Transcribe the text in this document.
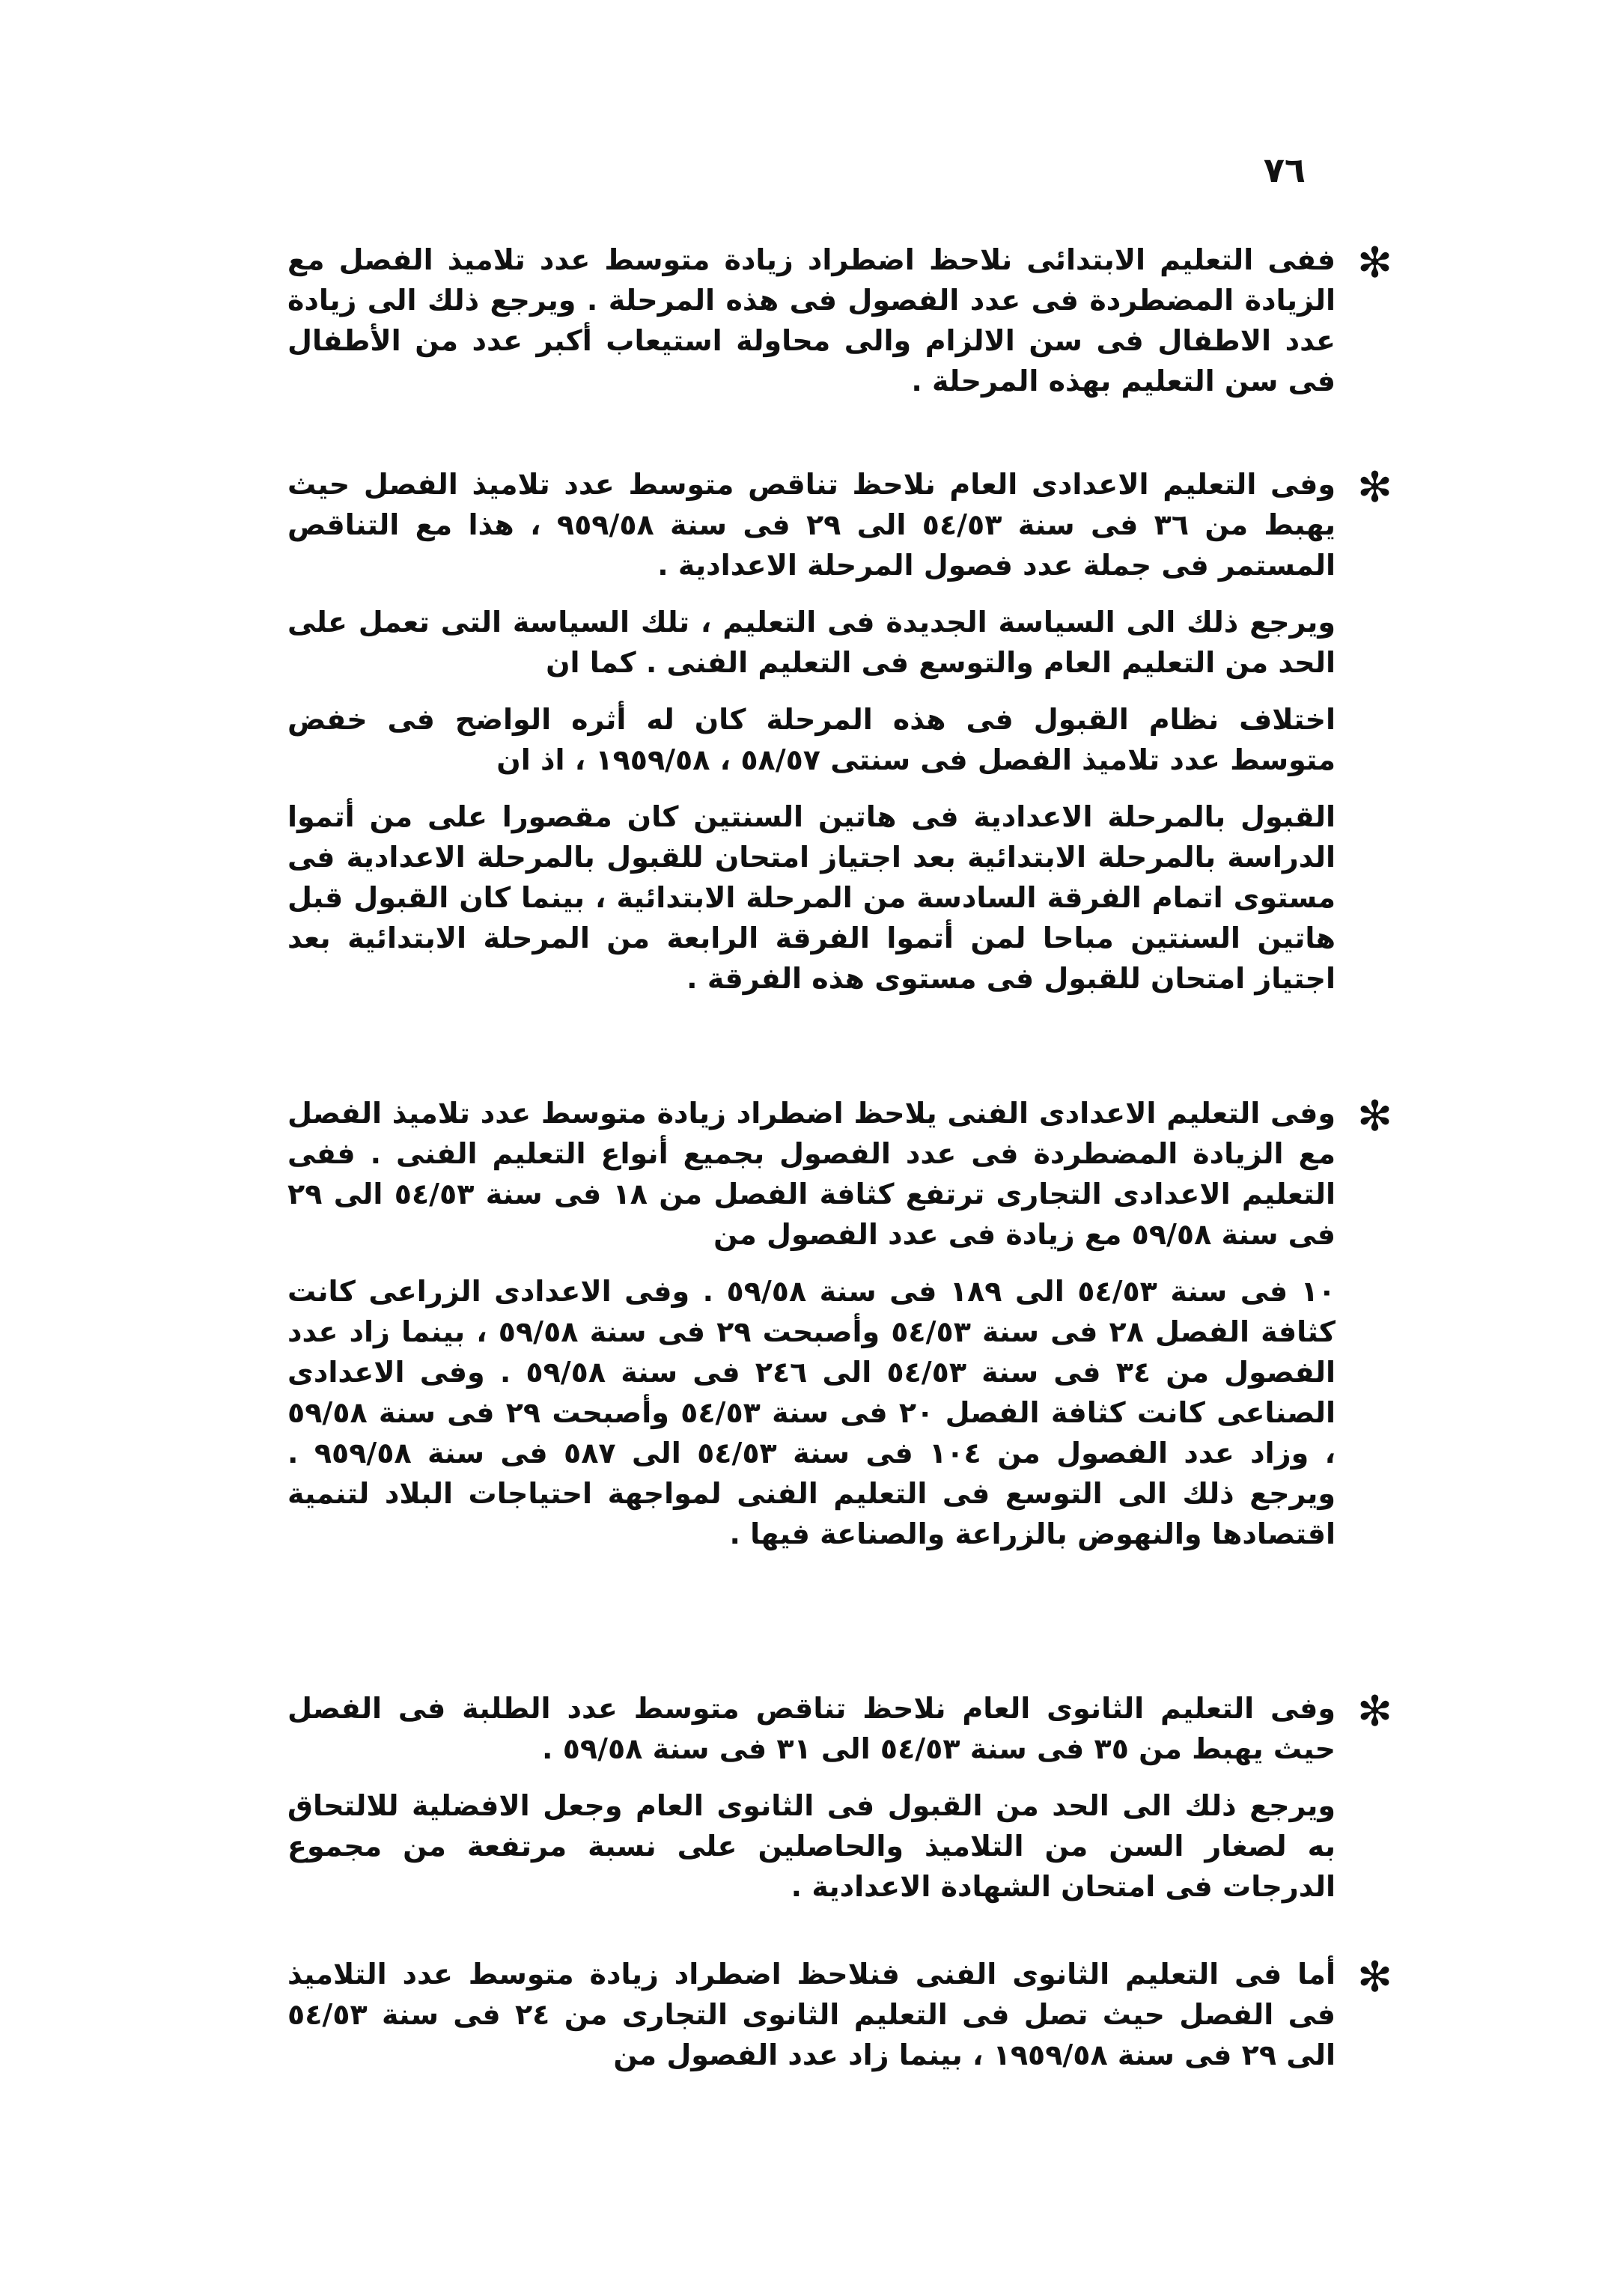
٧٦
✻

ففى التعليم الابتدائى نلاحظ اضطراد زيادة متوسط عدد تلاميذ الفصل مع الزيادة المضطردة فى عدد الفصول فى هذه المرحلة . ويرجع ذلك الى زيادة عدد الاطفال فى سن الالزام والى محاولة استيعاب أكبر عدد من الأطفال فى سن التعليم بهذه المرحلة .

✻

وفى التعليم الاعدادى العام نلاحظ تناقص متوسط عدد تلاميذ الفصل حيث يهبط من ٣٦ فى سنة ٥٤/٥٣ الى ٢٩ فى سنة ٩٥٩/٥٨ ، هذا مع التناقص المستمر فى جملة عدد فصول المرحلة الاعدادية .

ويرجع ذلك الى السياسة الجديدة فى التعليم ، تلك السياسة التى تعمل على الحد من التعليم العام والتوسع فى التعليم الفنى . كما ان

اختلاف نظام القبول فى هذه المرحلة كان له أثره الواضح فى خفض متوسط عدد تلاميذ الفصل فى سنتى ٥٨/٥٧ ، ١٩٥٩/٥٨ ، اذ ان

القبول بالمرحلة الاعدادية فى هاتين السنتين كان مقصورا على من أتموا الدراسة بالمرحلة الابتدائية بعد اجتياز امتحان للقبول بالمرحلة الاعدادية فى مستوى اتمام الفرقة السادسة من المرحلة الابتدائية ، بينما كان القبول قبل هاتين السنتين مباحا لمن أتموا الفرقة الرابعة من المرحلة الابتدائية بعد اجتياز امتحان للقبول فى مستوى هذه الفرقة .

✻

وفى التعليم الاعدادى الفنى يلاحظ اضطراد زيادة متوسط عدد تلاميذ الفصل مع الزيادة المضطردة فى عدد الفصول بجميع أنواع التعليم الفنى . ففى التعليم الاعدادى التجارى ترتفع كثافة الفصل من ١٨ فى سنة ٥٤/٥٣ الى ٢٩ فى سنة ٥٩/٥٨ مع زيادة فى عدد الفصول من

١٠ فى سنة ٥٤/٥٣ الى ١٨٩ فى سنة ٥٩/٥٨ . وفى الاعدادى الزراعى كانت كثافة الفصل ٢٨ فى سنة ٥٤/٥٣ وأصبحت ٢٩ فى سنة ٥٩/٥٨ ، بينما زاد عدد الفصول من ٣٤ فى سنة ٥٤/٥٣ الى ٢٤٦ فى سنة ٥٩/٥٨ . وفى الاعدادى الصناعى كانت كثافة الفصل ٢٠ فى سنة ٥٤/٥٣ وأصبحت ٢٩ فى سنة ٥٩/٥٨ ، وزاد عدد الفصول من ١٠٤ فى سنة ٥٤/٥٣ الى ٥٨٧ فى سنة ٩٥٩/٥٨ . ويرجع ذلك الى التوسع فى التعليم الفنى لمواجهة احتياجات البلاد لتنمية اقتصادها والنهوض بالزراعة والصناعة فيها .

✻

وفى التعليم الثانوى العام نلاحظ تناقص متوسط عدد الطلبة فى الفصل حيث يهبط من ٣٥ فى سنة ٥٤/٥٣ الى ٣١ فى سنة ٥٩/٥٨ .

ويرجع ذلك الى الحد من القبول فى الثانوى العام وجعل الافضلية للالتحاق به لصغار السن من التلاميذ والحاصلين على نسبة مرتفعة من مجموع الدرجات فى امتحان الشهادة الاعدادية .

✻

أما فى التعليم الثانوى الفنى فنلاحظ اضطراد زيادة متوسط عدد التلاميذ فى الفصل حيث تصل فى التعليم الثانوى التجارى من ٢٤ فى سنة ٥٤/٥٣ الى ٢٩ فى سنة ١٩٥٩/٥٨ ، بينما زاد عدد الفصول من
